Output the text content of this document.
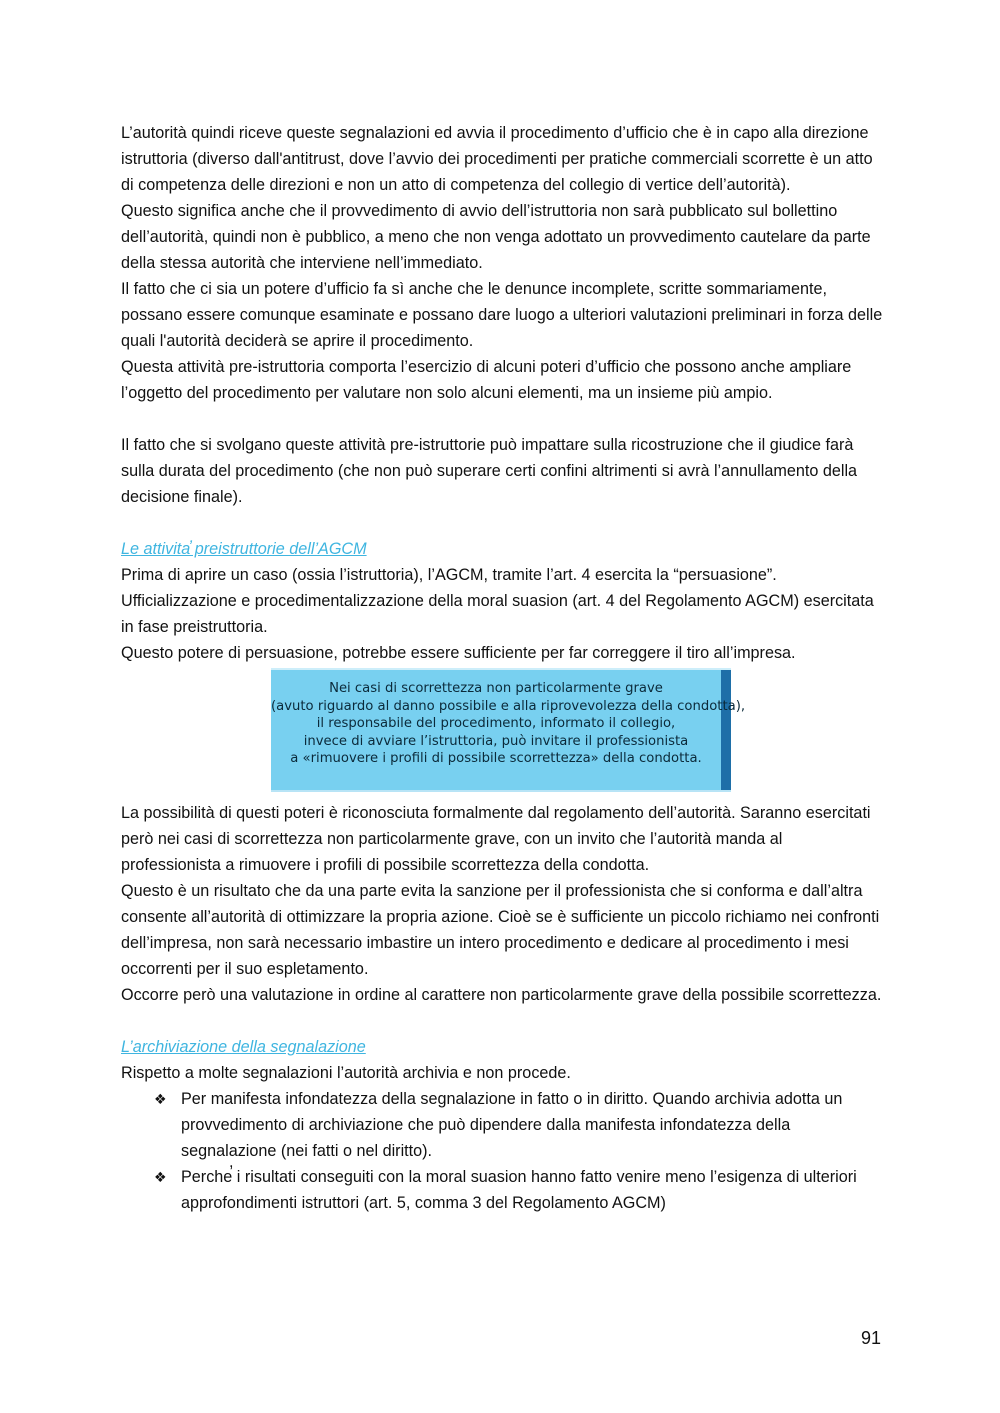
L’autorità quindi riceve queste segnalazioni ed avvia il procedimento d’ufficio che è in capo alla direzione istruttoria (diverso dall'antitrust, dove l’avvio dei procedimenti per pratiche commerciali scorrette è un atto di competenza delle direzioni e non un atto di competenza del collegio di vertice dell’autorità).

Questo significa anche che il provvedimento di avvio dell’istruttoria non sarà pubblicato sul bollettino dell’autorità, quindi non è pubblico, a meno che non venga adottato un provvedimento cautelare da parte della stessa autorità che interviene nell’immediato.

Il fatto che ci sia un potere d’ufficio fa sì anche che le denunce incomplete, scritte sommariamente, possano essere comunque esaminate e possano dare luogo a ulteriori valutazioni preliminari in forza delle quali l'autorità deciderà se aprire il procedimento.

Questa attività pre-istruttoria comporta l’esercizio di alcuni poteri d’ufficio che possono anche ampliare l’oggetto del procedimento per valutare non solo alcuni elementi, ma un insieme più ampio.

Il fatto che si svolgano queste attività pre-istruttorie può impattare sulla ricostruzione che il giudice farà sulla durata del procedimento (che non può superare certi confini altrimenti si avrà l’annullamento della decisione finale).

Le attivita̕ preistruttorie dell’AGCM

Prima di aprire un caso (ossia l’istruttoria), l’AGCM, tramite l’art. 4 esercita la “persuasione”.

Ufficializzazione e procedimentalizzazione della moral suasion (art. 4 del Regolamento AGCM) esercitata in fase preistruttoria.

Questo potere di persuasione, potrebbe essere sufficiente per far correggere il tiro all’impresa.

Nei casi di scorrettezza non particolarmente grave
(avuto riguardo al danno possibile e alla riprovevolezza della condotta),
il responsabile del procedimento, informato il collegio,
invece di avviare l’istruttoria, può invitare il professionista
a «rimuovere i profili di possibile scorrettezza» della condotta.

La possibilità di questi poteri è riconosciuta formalmente dal regolamento dell’autorità. Saranno esercitati però nei casi di scorrettezza non particolarmente grave, con un invito che l’autorità manda al professionista a rimuovere i profili di possibile scorrettezza della condotta.

Questo è un risultato che da una parte evita la sanzione per il professionista che si conforma e dall’altra consente all’autorità di ottimizzare la propria azione. Cioè se è sufficiente un piccolo richiamo nei confronti dell’impresa, non sarà necessario imbastire un intero procedimento e dedicare al procedimento i mesi occorrenti per il suo espletamento.

Occorre però una valutazione in ordine al carattere non particolarmente grave della possibile scorrettezza.

L’archiviazione della segnalazione

Rispetto a molte segnalazioni l’autorità archivia e non procede.

❖ Per manifesta infondatezza della segnalazione in fatto o in diritto. Quando archivia adotta un provvedimento di archiviazione che può dipendere dalla manifesta infondatezza della segnalazione (nei fatti o nel diritto).
❖ Perche̕ i risultati conseguiti con la moral suasion hanno fatto venire meno l’esigenza di ulteriori approfondimenti istruttori (art. 5, comma 3 del Regolamento AGCM)
91
